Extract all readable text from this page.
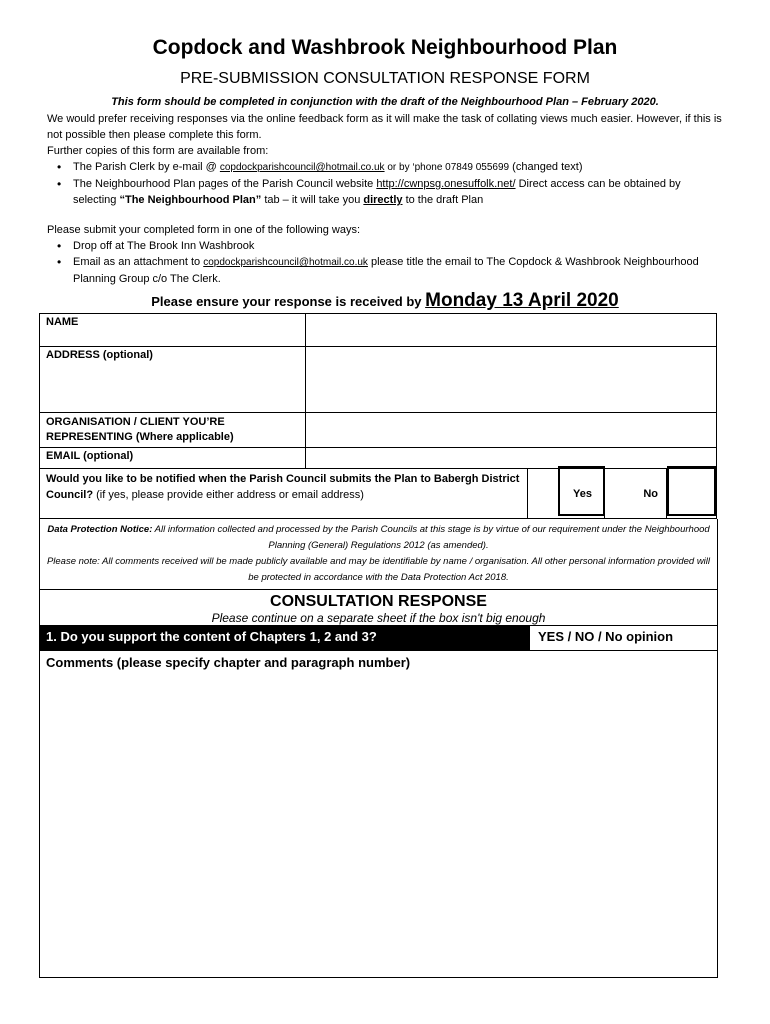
Copdock and Washbrook Neighbourhood Plan
PRE-SUBMISSION CONSULTATION RESPONSE FORM
This form should be completed in conjunction with the draft of the Neighbourhood Plan – February 2020.
We would prefer receiving responses via the online feedback form as it will make the task of collating views much easier. However, if this is not possible then please complete this form.
Further copies of this form are available from:
• The Parish Clerk by e-mail @ copdockparishcouncil@hotmail.co.uk or by ‘phone 07849 055699 (changed text)
• The Neighbourhood Plan pages of the Parish Council website http://cwnpsg.onesuffolk.net/ Direct access can be obtained by selecting “The Neighbourhood Plan” tab – it will take you directly to the draft Plan
Please submit your completed form in one of the following ways:
• Drop off at The Brook Inn Washbrook
• Email as an attachment to copdockparishcouncil@hotmail.co.uk please title the email to The Copdock & Washbrook Neighbourhood Planning Group c/o The Clerk.
Please ensure your response is received by Monday 13 April 2020
NAME				
ADDRESS (optional)				
ORGANISATION / CLIENT YOU’RE REPRESENTING (Where applicable)				
EMAIL (optional)				
Would you like to be notified when the Parish Council submits the Plan to Babergh District Council? (if yes, please provide either address or email address)		Yes	No	
Data Protection Notice: All information collected and processed by the Parish Councils at this stage is by virtue of our requirement under the Neighbourhood Planning (General) Regulations 2012 (as amended).
Please note: All comments received will be made publicly available and may be identifiable by name / organisation. All other personal information provided will be protected in accordance with the Data Protection Act 2018.
CONSULTATION RESPONSE
Please continue on a separate sheet if the box isn't big enough
1. Do you support the content of Chapters 1, 2 and 3?	YES / NO / No opinion
Comments (please specify chapter and paragraph number)
